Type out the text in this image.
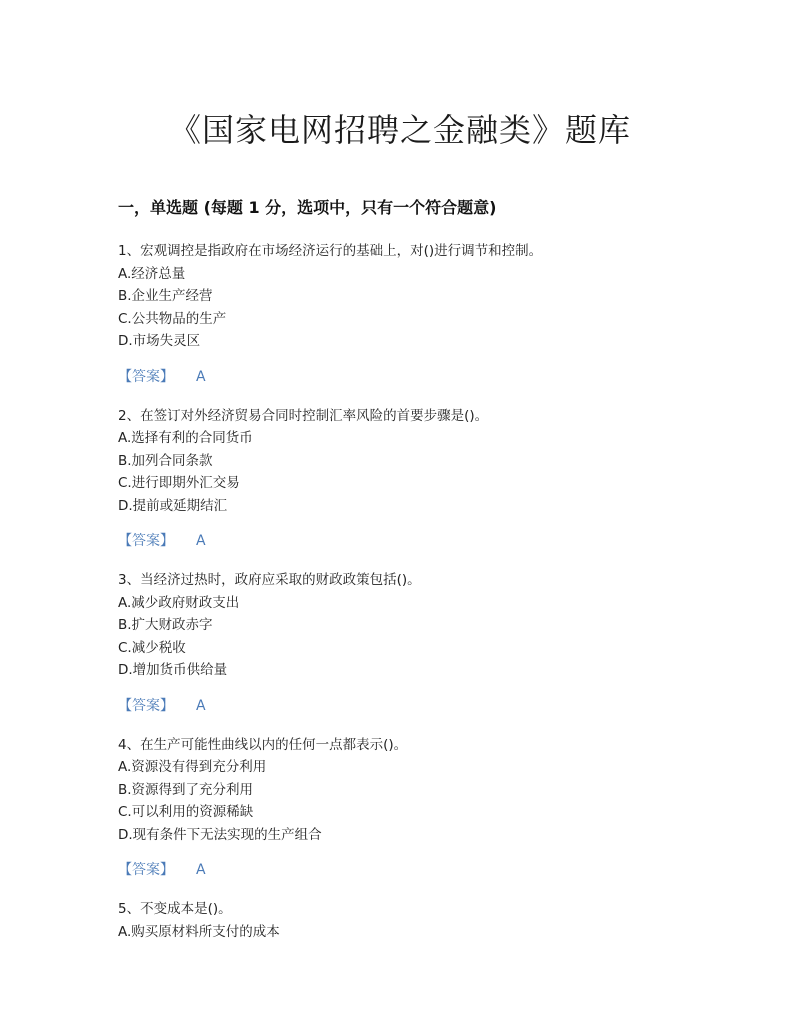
《国家电网招聘之金融类》题库
一，单选题 (每题 1 分，选项中，只有一个符合题意)
1、宏观调控是指政府在市场经济运行的基础上，对()进行调节和控制。
A.经济总量
B.企业生产经营
C.公共物品的生产
D.市场失灵区
【答案】 A
2、在签订对外经济贸易合同时控制汇率风险的首要步骤是()。
A.选择有利的合同货币
B.加列合同条款
C.进行即期外汇交易
D.提前或延期结汇
【答案】 A
3、当经济过热时，政府应采取的财政政策包括()。
A.减少政府财政支出
B.扩大财政赤字
C.减少税收
D.增加货币供给量
【答案】 A
4、在生产可能性曲线以内的任何一点都表示()。
A.资源没有得到充分利用
B.资源得到了充分利用
C.可以利用的资源稀缺
D.现有条件下无法实现的生产组合
【答案】 A
5、不变成本是()。
A.购买原材料所支付的成本
